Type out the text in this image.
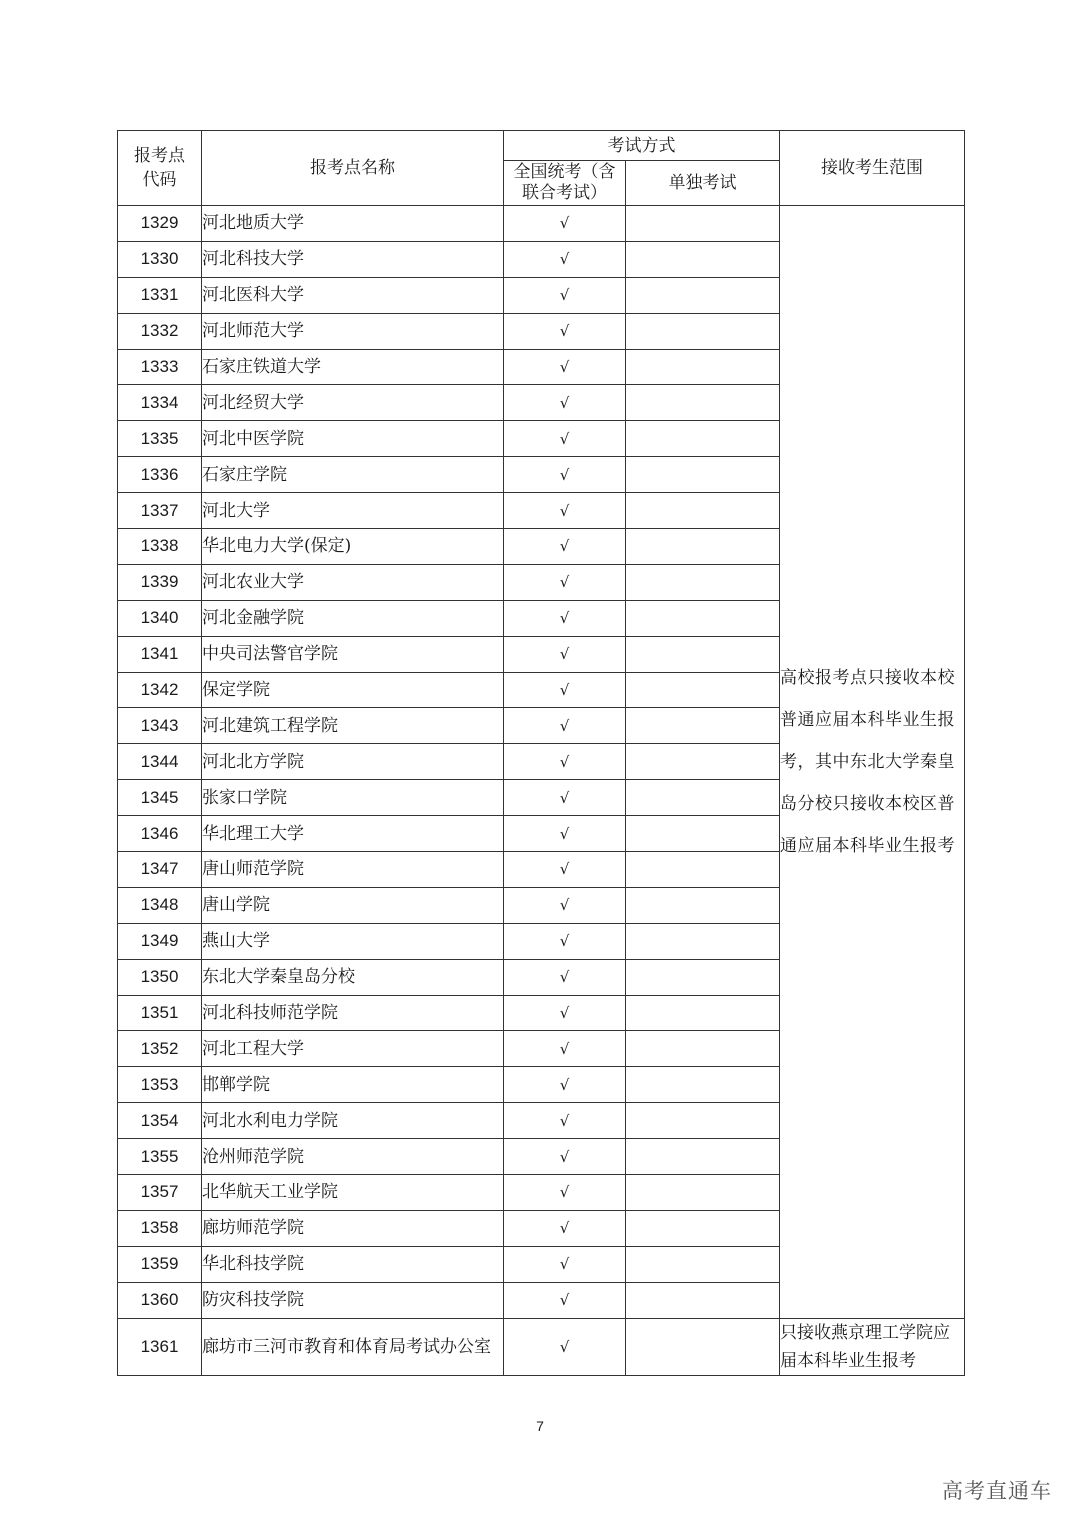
报考点代码	报考点名称	考试方式		接收考生范围
		全国统考（含联合考试）	单独考试	
1329	河北地质大学	√		高校报考点只接收本校普通应届本科毕业生报考，其中东北大学秦皇岛分校只接收本校区普通应届本科毕业生报考
1330	河北科技大学	√		
1331	河北医科大学	√		
1332	河北师范大学	√		
1333	石家庄铁道大学	√		
1334	河北经贸大学	√		
1335	河北中医学院	√		
1336	石家庄学院	√		
1337	河北大学	√		
1338	华北电力大学(保定)	√		
1339	河北农业大学	√		
1340	河北金融学院	√		
1341	中央司法警官学院	√		
1342	保定学院	√		
1343	河北建筑工程学院	√		
1344	河北北方学院	√		
1345	张家口学院	√		
1346	华北理工大学	√		
1347	唐山师范学院	√		
1348	唐山学院	√		
1349	燕山大学	√		
1350	东北大学秦皇岛分校	√		
1351	河北科技师范学院	√		
1352	河北工程大学	√		
1353	邯郸学院	√		
1354	河北水利电力学院	√		
1355	沧州师范学院	√		
1357	北华航天工业学院	√		
1358	廊坊师范学院	√		
1359	华北科技学院	√		
1360	防灾科技学院	√		
1361	廊坊市三河市教育和体育局考试办公室	√		只接收燕京理工学院应届本科毕业生报考
7
高考直通车
